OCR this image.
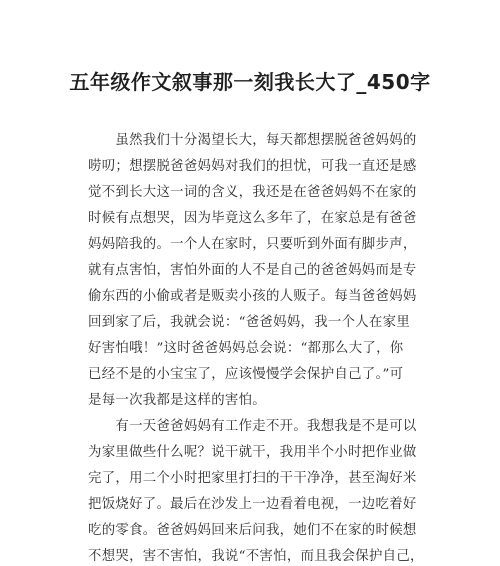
五年级作文叙事那一刻我长大了_450字
　　虽然我们十分渴望长大，每天都想摆脱爸爸妈妈的
唠叨；想摆脱爸爸妈妈对我们的担忧，可我一直还是感
觉不到长大这一词的含义，我还是在爸爸妈妈不在家的
时候有点想哭，因为毕竟这么多年了，在家总是有爸爸
妈妈陪我的。一个人在家时，只要听到外面有脚步声，
就有点害怕，害怕外面的人不是自己的爸爸妈妈而是专
偷东西的小偷或者是贩卖小孩的人贩子。每当爸爸妈妈
回到家了后，我就会说：“爸爸妈妈，我一个人在家里
好害怕哦！”这时爸爸妈妈总会说：“都那么大了，你
已经不是的小宝宝了，应该慢慢学会保护自己了。”可
是每一次我都是这样的害怕。
　　有一天爸爸妈妈有工作走不开。我想我是不是可以
为家里做些什么呢？说干就干，我用半个小时把作业做
完了，用二个小时把家里打扫的干干净净，甚至淘好米
把饭烧好了。最后在沙发上一边看着电视，一边吃着好
吃的零食。爸爸妈妈回来后问我，她们不在家的时候想
不想哭，害不害怕，我说“不害怕，而且我会保护自己，
